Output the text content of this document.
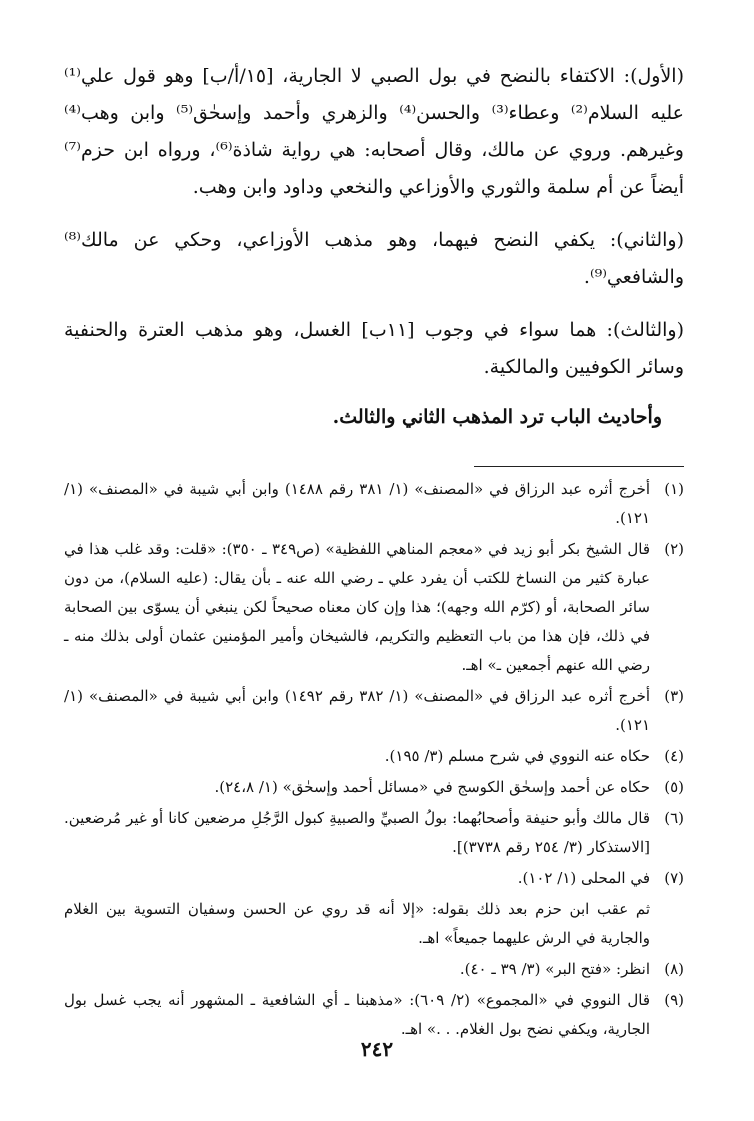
(الأول): الاكتفاء بالنضح في بول الصبي لا الجارية، [١٥/أ/ب] وهو قول علي⁽¹⁾ عليه السلام⁽²⁾ وعطاء⁽³⁾ والحسن⁽⁴⁾ والزهري وأحمد وإسحٰق⁽⁵⁾ وابن وهب⁽⁴⁾ وغيرهم. وروي عن مالك، وقال أصحابه: هي رواية شاذة⁽⁶⁾، ورواه ابن حزم⁽⁷⁾ أيضاً عن أم سلمة والثوري والأوزاعي والنخعي وداود وابن وهب.

(والثاني): يكفي النضح فيهما، وهو مذهب الأوزاعي، وحكي عن مالك⁽⁸⁾ والشافعي⁽⁹⁾.

(والثالث): هما سواء في وجوب [١١ب] الغسل، وهو مذهب العترة والحنفية وسائر الكوفيين والمالكية.

وأحاديث الباب ترد المذهب الثاني والثالث.
(١)
أخرج أثره عبد الرزاق في «المصنف» (١/ ٣٨١ رقم ١٤٨٨) وابن أبي شيبة في «المصنف» (١/ ١٢١).
(٢)
قال الشيخ بكر أبو زيد في «معجم المناهي اللفظية» (ص٣٤٩ ـ ٣٥٠): «قلت: وقد غلب هذا في عبارة كثير من النساخ للكتب أن يفرد علي ـ رضي الله عنه ـ بأن يقال: (عليه السلام)، من دون سائر الصحابة، أو (كرّم الله وجهه)؛ هذا وإن كان معناه صحيحاً لكن ينبغي أن يسوّى بين الصحابة في ذلك، فإن هذا من باب التعظيم والتكريم، فالشيخان وأمير المؤمنين عثمان أولى بذلك منه ـ رضي الله عنهم أجمعين ـ» اهـ.
(٣)
أخرج أثره عبد الرزاق في «المصنف» (١/ ٣٨٢ رقم ١٤٩٢) وابن أبي شيبة في «المصنف» (١/ ١٢١).
(٤)
حكاه عنه النووي في شرح مسلم (٣/ ١٩٥).
(٥)
حكاه عن أحمد وإسحٰق الكوسج في «مسائل أحمد وإسحٰق» (١/ ٢٤،٨).
(٦)
قال مالك وأبو حنيفة وأصحابُهما: بولُ الصبيِّ والصبيةِ كبول الرَّجُلِ مرضعين كانا أو غير مُرضعين. [الاستذكار (٣/ ٢٥٤ رقم ٣٧٣٨)].
(٧)
في المحلى (١/ ١٠٢).
ثم عقب ابن حزم بعد ذلك بقوله: «إلا أنه قد روي عن الحسن وسفيان التسوية بين الغلام والجارية في الرش عليهما جميعاً» اهـ.
(٨)
انظر: «فتح البر» (٣/ ٣٩ ـ ٤٠).
(٩)
قال النووي في «المجموع» (٢/ ٦٠٩): «مذهبنا ـ أي الشافعية ـ المشهور أنه يجب غسل بول الجارية، ويكفي نضح بول الغلام. . .» اهـ.
٢٤٢
